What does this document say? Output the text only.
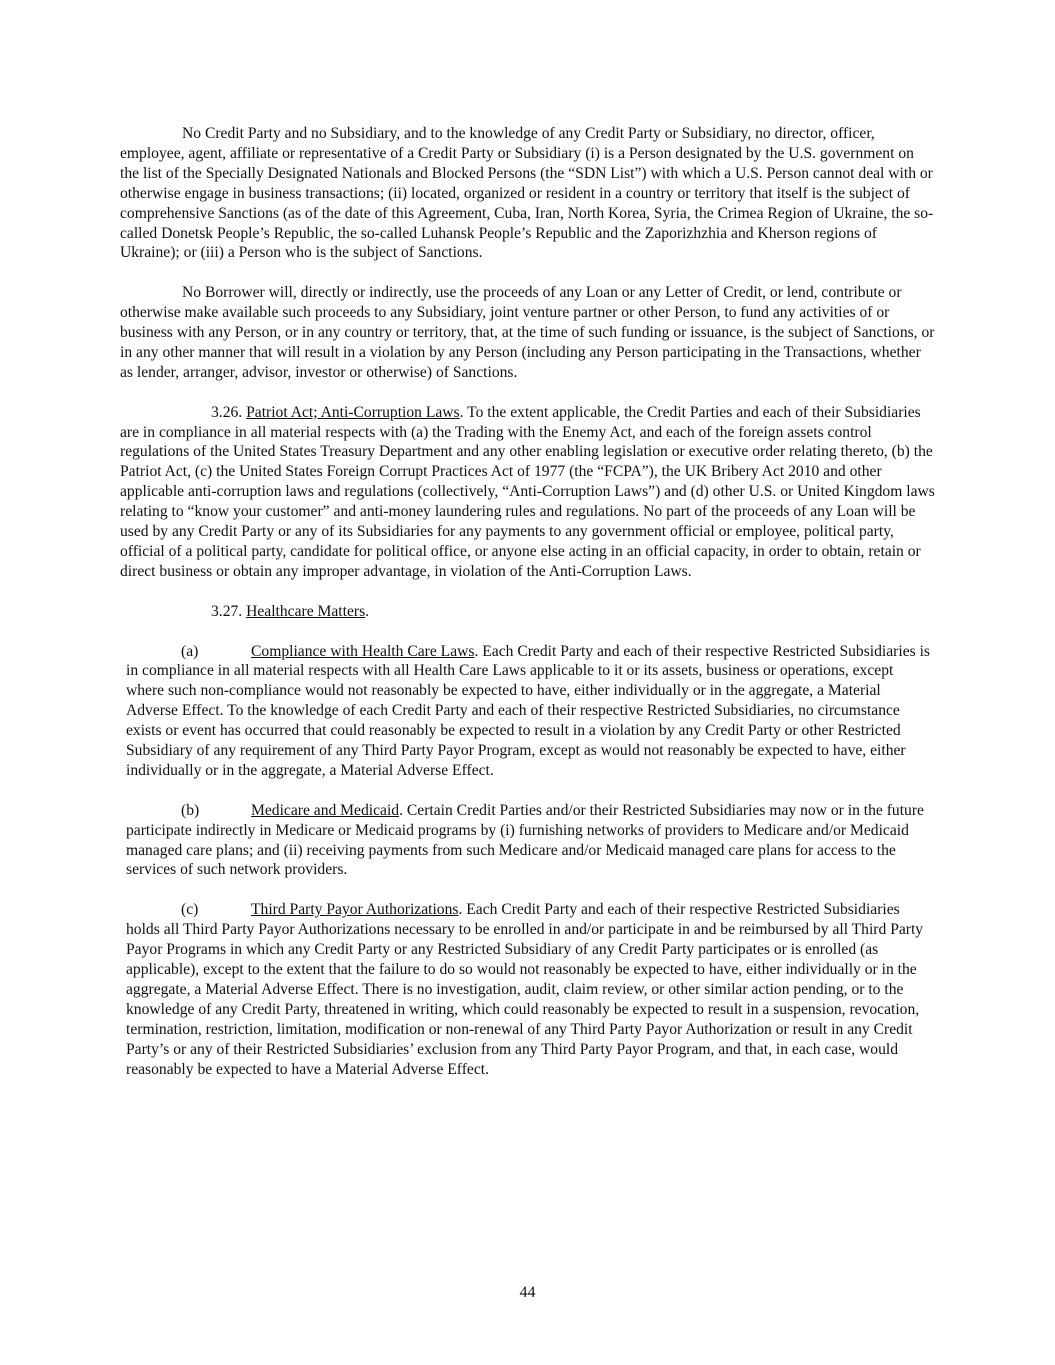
No Credit Party and no Subsidiary, and to the knowledge of any Credit Party or Subsidiary, no director, officer, employee, agent, affiliate or representative of a Credit Party or Subsidiary (i) is a Person designated by the U.S. government on the list of the Specially Designated Nationals and Blocked Persons (the “SDN List”) with which a U.S. Person cannot deal with or otherwise engage in business transactions; (ii) located, organized or resident in a country or territory that itself is the subject of comprehensive Sanctions (as of the date of this Agreement, Cuba, Iran, North Korea, Syria, the Crimea Region of Ukraine, the so-called Donetsk People’s Republic, the so-called Luhansk People’s Republic and the Zaporizhzhia and Kherson regions of Ukraine); or (iii) a Person who is the subject of Sanctions.

No Borrower will, directly or indirectly, use the proceeds of any Loan or any Letter of Credit, or lend, contribute or otherwise make available such proceeds to any Subsidiary, joint venture partner or other Person, to fund any activities of or business with any Person, or in any country or territory, that, at the time of such funding or issuance, is the subject of Sanctions, or in any other manner that will result in a violation by any Person (including any Person participating in the Transactions, whether as lender, arranger, advisor, investor or otherwise) of Sanctions.

3.26. Patriot Act; Anti-Corruption Laws. To the extent applicable, the Credit Parties and each of their Subsidiaries are in compliance in all material respects with (a) the Trading with the Enemy Act, and each of the foreign assets control regulations of the United States Treasury Department and any other enabling legislation or executive order relating thereto, (b) the Patriot Act, (c) the United States Foreign Corrupt Practices Act of 1977 (the “FCPA”), the UK Bribery Act 2010 and other applicable anti-corruption laws and regulations (collectively, “Anti-Corruption Laws”) and (d) other U.S. or United Kingdom laws relating to “know your customer” and anti-money laundering rules and regulations. No part of the proceeds of any Loan will be used by any Credit Party or any of its Subsidiaries for any payments to any government official or employee, political party, official of a political party, candidate for political office, or anyone else acting in an official capacity, in order to obtain, retain or direct business or obtain any improper advantage, in violation of the Anti-Corruption Laws.

3.27. Healthcare Matters.

(a)	Compliance with Health Care Laws. Each Credit Party and each of their respective Restricted Subsidiaries is in compliance in all material respects with all Health Care Laws applicable to it or its assets, business or operations, except where such non-compliance would not reasonably be expected to have, either individually or in the aggregate, a Material Adverse Effect. To the knowledge of each Credit Party and each of their respective Restricted Subsidiaries, no circumstance exists or event has occurred that could reasonably be expected to result in a violation by any Credit Party or other Restricted Subsidiary of any requirement of any Third Party Payor Program, except as would not reasonably be expected to have, either individually or in the aggregate, a Material Adverse Effect.

(b)	Medicare and Medicaid. Certain Credit Parties and/or their Restricted Subsidiaries may now or in the future participate indirectly in Medicare or Medicaid programs by (i) furnishing networks of providers to Medicare and/or Medicaid managed care plans; and (ii) receiving payments from such Medicare and/or Medicaid managed care plans for access to the services of such network providers.

(c)	Third Party Payor Authorizations. Each Credit Party and each of their respective Restricted Subsidiaries holds all Third Party Payor Authorizations necessary to be enrolled in and/or participate in and be reimbursed by all Third Party Payor Programs in which any Credit Party or any Restricted Subsidiary of any Credit Party participates or is enrolled (as applicable), except to the extent that the failure to do so would not reasonably be expected to have, either individually or in the aggregate, a Material Adverse Effect. There is no investigation, audit, claim review, or other similar action pending, or to the knowledge of any Credit Party, threatened in writing, which could reasonably be expected to result in a suspension, revocation, termination, restriction, limitation, modification or non-renewal of any Third Party Payor Authorization or result in any Credit Party’s or any of their Restricted Subsidiaries’ exclusion from any Third Party Payor Program, and that, in each case, would reasonably be expected to have a Material Adverse Effect.

44
